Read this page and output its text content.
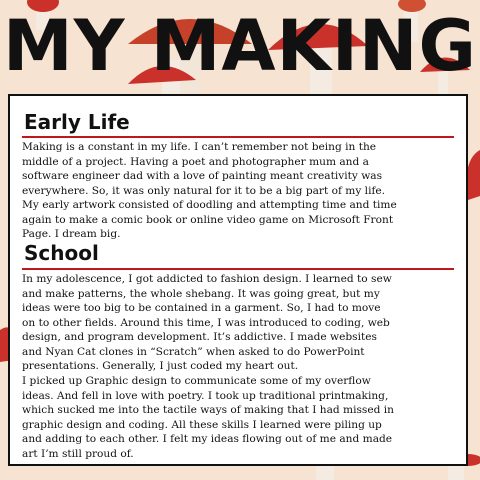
MY MAKING
Early Life

Making is a constant in my life. I can’t remember not being in the
middle of a project. Having a poet and photographer mum and a
software engineer dad with a love of painting meant creativity was
everywhere. So, it was only natural for it to be a big part of my life.
My early artwork consisted of doodling and attempting time and time
again to make a comic book or online video game on Microsoft Front
Page. I dream big.

School

In my adolescence, I got addicted to fashion design. I learned to sew
and make patterns, the whole shebang. It was going great, but my
ideas were too big to be contained in a garment. So, I had to move
on to other fields. Around this time, I was introduced to coding, web
design, and program development. It’s addictive. I made websites
and Nyan Cat clones in “Scratch” when asked to do PowerPoint
presentations. Generally, I just coded my heart out.

I picked up Graphic design to communicate some of my overflow
ideas. And fell in love with poetry. I took up traditional printmaking,
which sucked me into the tactile ways of making that I had missed in
graphic design and coding. All these skills I learned were piling up
and adding to each other. I felt my ideas flowing out of me and made
art I’m still proud of.
